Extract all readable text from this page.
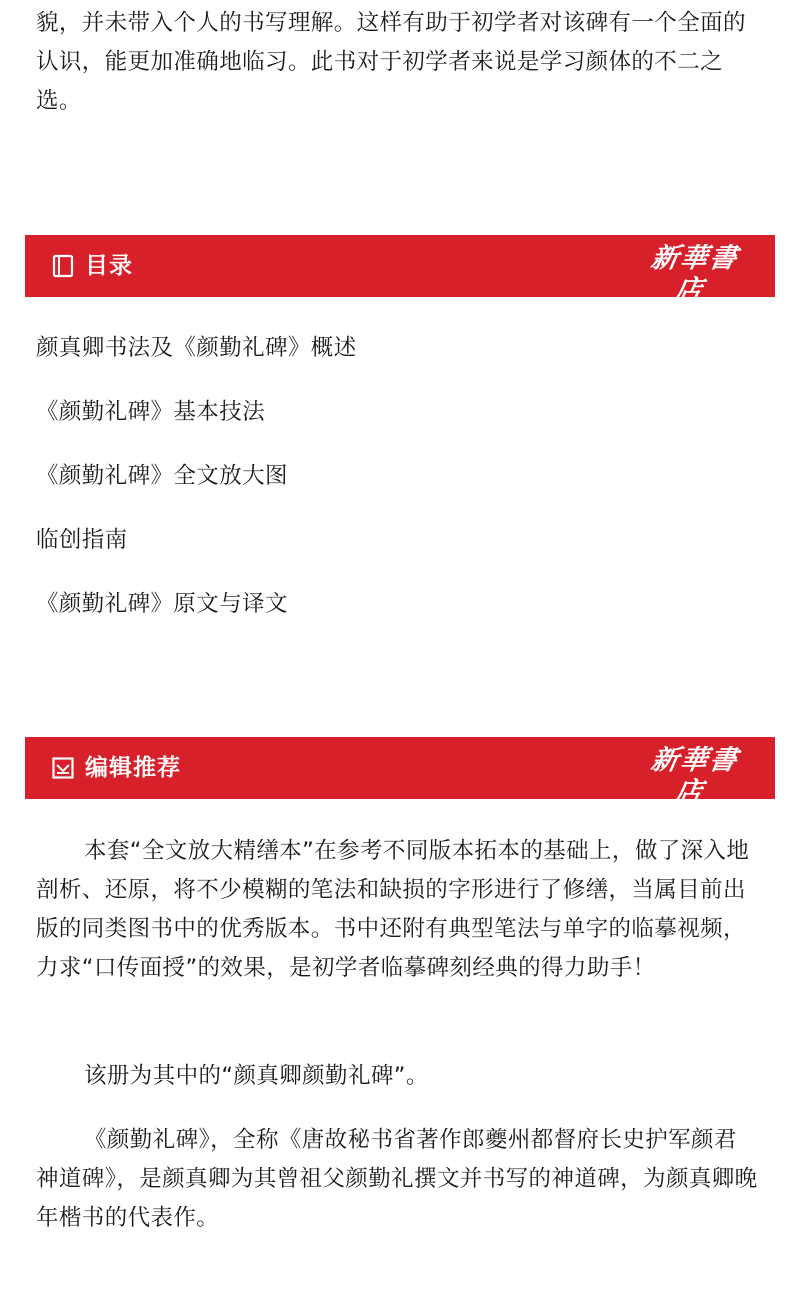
貌，并未带入个人的书写理解。这样有助于初学者对该碑有一个全面的认识，能更加准确地临习。此书对于初学者来说是学习颜体的不二之选。

目录	新華書店
XINHUA BOOKSTORE
颜真卿书法及《颜勤礼碑》概述
《颜勤礼碑》基本技法
《颜勤礼碑》全文放大图
临创指南
《颜勤礼碑》原文与译文
编辑推荐	新華書店
XINHUA BOOKSTORE

本套“全文放大精缮本”在参考不同版本拓本的基础上，做了深入地剖析、还原，将不少模糊的笔法和缺损的字形进行了修缮，当属目前出版的同类图书中的优秀版本。书中还附有典型笔法与单字的临摹视频，力求“口传面授”的效果，是初学者临摹碑刻经典的得力助手！

该册为其中的“颜真卿颜勤礼碑”。

《颜勤礼碑》，全称《唐故秘书省著作郎夔州都督府长史护军颜君神道碑》，是颜真卿为其曾祖父颜勤礼撰文并书写的神道碑，为颜真卿晚年楷书的代表作。
